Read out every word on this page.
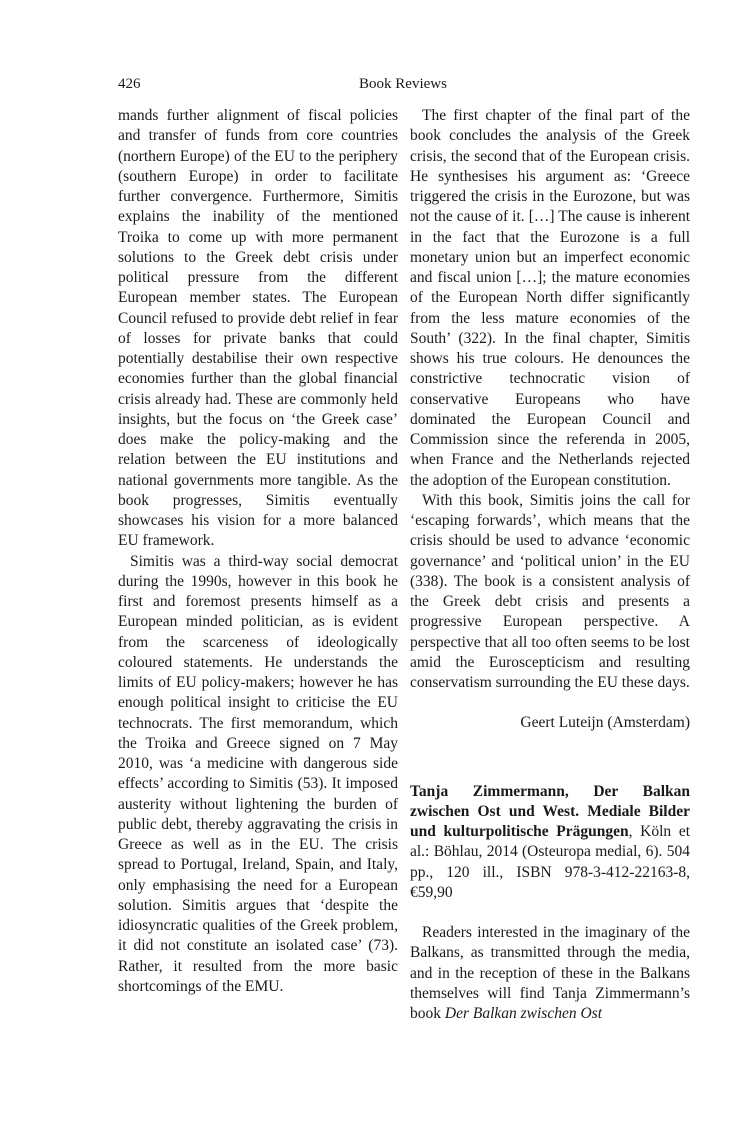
426	Book Reviews

mands further alignment of fiscal policies and transfer of funds from core countries (northern Europe) of the EU to the periphery (southern Europe) in order to facilitate further convergence. Furthermore, Simitis explains the inability of the mentioned Troika to come up with more permanent solutions to the Greek debt crisis under political pressure from the different European member states. The European Council refused to provide debt relief in fear of losses for private banks that could potentially destabilise their own respective economies further than the global financial crisis already had. These are commonly held insights, but the focus on ‘the Greek case’ does make the policy-making and the relation between the EU institutions and national governments more tangible. As the book progresses, Simitis eventually showcases his vision for a more balanced EU framework.

Simitis was a third-way social democrat during the 1990s, however in this book he first and foremost presents himself as a European minded politician, as is evident from the scarceness of ideologically coloured statements. He understands the limits of EU policy-makers; however he has enough political insight to criticise the EU technocrats. The first memorandum, which the Troika and Greece signed on 7 May 2010, was ‘a medicine with dangerous side effects’ according to Simitis (53). It imposed austerity without lightening the burden of public debt, thereby aggravating the crisis in Greece as well as in the EU. The crisis spread to Portugal, Ireland, Spain, and Italy, only emphasising the need for a European solution. Simitis argues that ‘despite the idiosyncratic qualities of the Greek problem, it did not constitute an isolated case’ (73). Rather, it resulted from the more basic shortcomings of the EMU.

The first chapter of the final part of the book concludes the analysis of the Greek crisis, the second that of the European crisis. He synthesises his argument as: ‘Greece triggered the crisis in the Eurozone, but was not the cause of it. […] The cause is inherent in the fact that the Eurozone is a full monetary union but an imperfect economic and fiscal union […]; the mature economies of the European North differ significantly from the less mature economies of the South’ (322). In the final chapter, Simitis shows his true colours. He denounces the constrictive technocratic vision of conservative Europeans who have dominated the European Council and Commission since the referenda in 2005, when France and the Netherlands rejected the adoption of the European constitution.

With this book, Simitis joins the call for ‘escaping forwards’, which means that the crisis should be used to advance ‘economic governance’ and ‘political union’ in the EU (338). The book is a consistent analysis of the Greek debt crisis and presents a progressive European perspective. A perspective that all too often seems to be lost amid the Euroscepticism and resulting conservatism surrounding the EU these days.

Geert Luteijn (Amsterdam)

Tanja Zimmermann, Der Balkan zwischen Ost und West. Mediale Bilder und kulturpolitische Prägungen, Köln et al.: Böhlau, 2014 (Osteuropa medial, 6). 504 pp., 120 ill., ISBN 978-3-412-22163-8, €59,90

Readers interested in the imaginary of the Balkans, as transmitted through the media, and in the reception of these in the Balkans themselves will find Tanja Zimmermann’s book Der Balkan zwischen Ost
